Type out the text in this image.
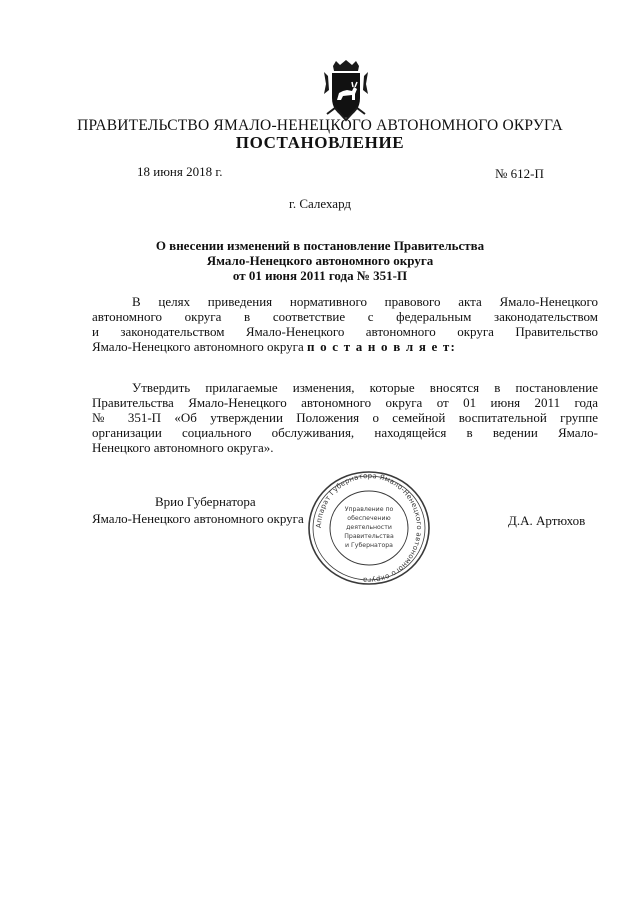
ПРАВИТЕЛЬСТВО ЯМАЛО-НЕНЕЦКОГО АВТОНОМНОГО ОКРУГА
ПОСТАНОВЛЕНИЕ
18 июня 2018 г.	№ 612-П
г. Салехард
О внесении изменений в постановление Правительства
Ямало-Ненецкого автономного округа
от 01 июня 2011 года № 351-П
В целях приведения нормативного правового акта Ямало-Ненецкого
автономного округа в соответствие с федеральным законодательством
и законодательством Ямало-Ненецкого автономного округа Правительство
Ямало-Ненецкого автономного округа п о с т а н о в л я е т:
Утвердить прилагаемые изменения, которые вносятся в постановление
Правительства Ямало-Ненецкого автономного округа от 01 июня 2011 года
№ 351-П «Об утверждении Положения о семейной воспитательной группе
организации социального обслуживания, находящейся в ведении Ямало-
Ненецкого автономного округа».
Врио Губернатора
Ямало-Ненецкого автономного округа	Д.А. Артюхов
Аппарат Губернатора Ямало-Ненецкого автономного округа
Управление по
обеспечению
деятельности
Правительства
и Губернатора
